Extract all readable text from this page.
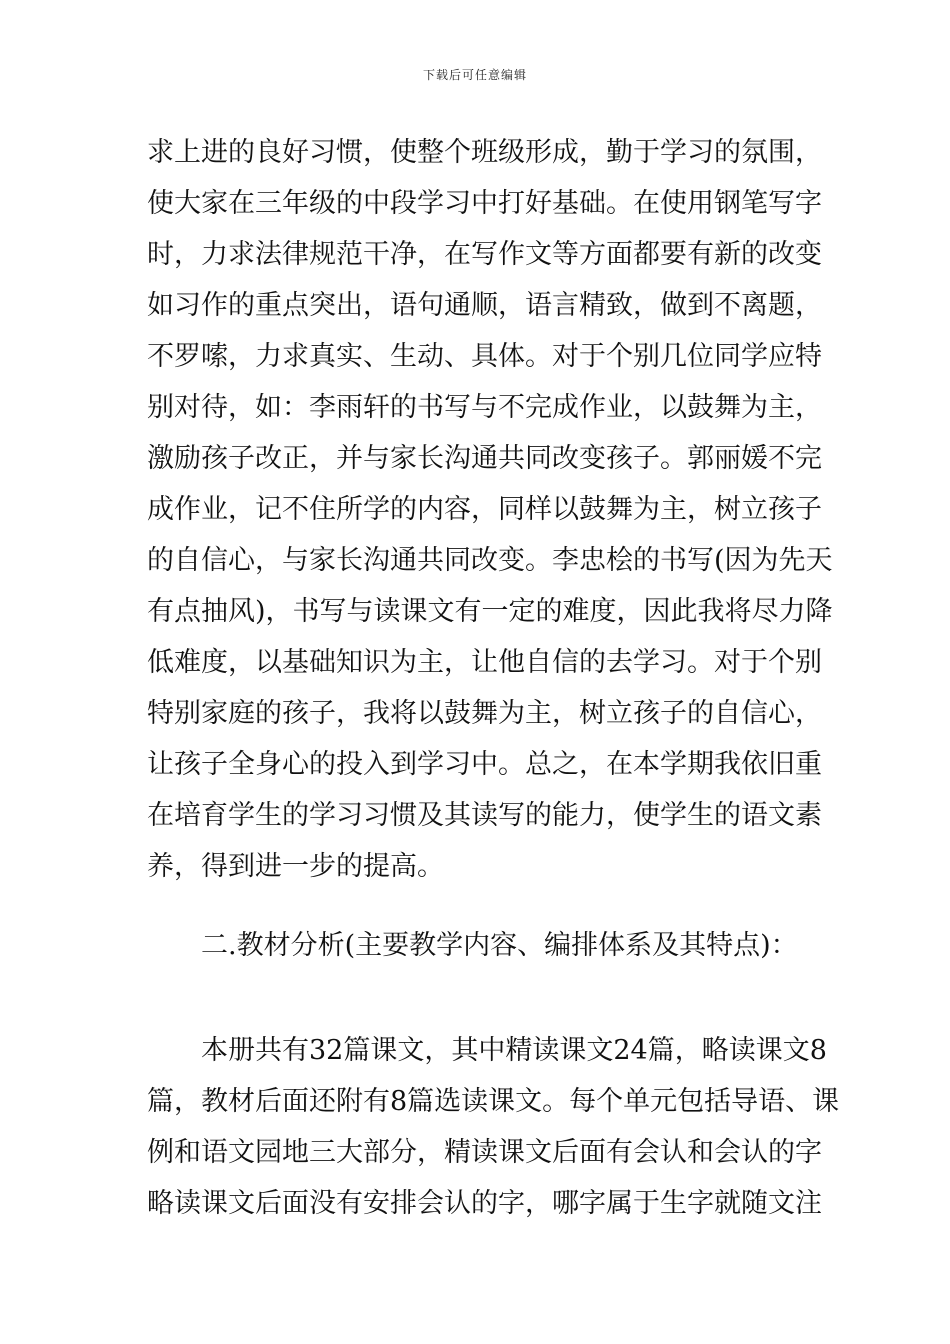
下载后可任意编辑
求上进的良好习惯，使整个班级形成，勤于学习的氛围，
使大家在三年级的中段学习中打好基础。在使用钢笔写字
时，力求法律规范干净，在写作文等方面都要有新的改变
如习作的重点突出，语句通顺，语言精致，做到不离题，
不罗嗦，力求真实、生动、具体。对于个别几位同学应特
别对待，如：李雨轩的书写与不完成作业，以鼓舞为主，
激励孩子改正，并与家长沟通共同改变孩子。郭丽媛不完
成作业，记不住所学的内容，同样以鼓舞为主，树立孩子
的自信心，与家长沟通共同改变。李忠桧的书写(因为先天
有点抽风)，书写与读课文有一定的难度，因此我将尽力降
低难度，以基础知识为主，让他自信的去学习。对于个别
特别家庭的孩子，我将以鼓舞为主，树立孩子的自信心，
让孩子全身心的投入到学习中。总之，在本学期我依旧重
在培育学生的学习习惯及其读写的能力，使学生的语文素
养，得到进一步的提高。
二.教材分析(主要教学内容、编排体系及其特点)：
本册共有32篇课文，其中精读课文24篇，略读课文8
篇，教材后面还附有8篇选读课文。每个单元包括导语、课
例和语文园地三大部分，精读课文后面有会认和会认的字
略读课文后面没有安排会认的字，哪字属于生字就随文注
